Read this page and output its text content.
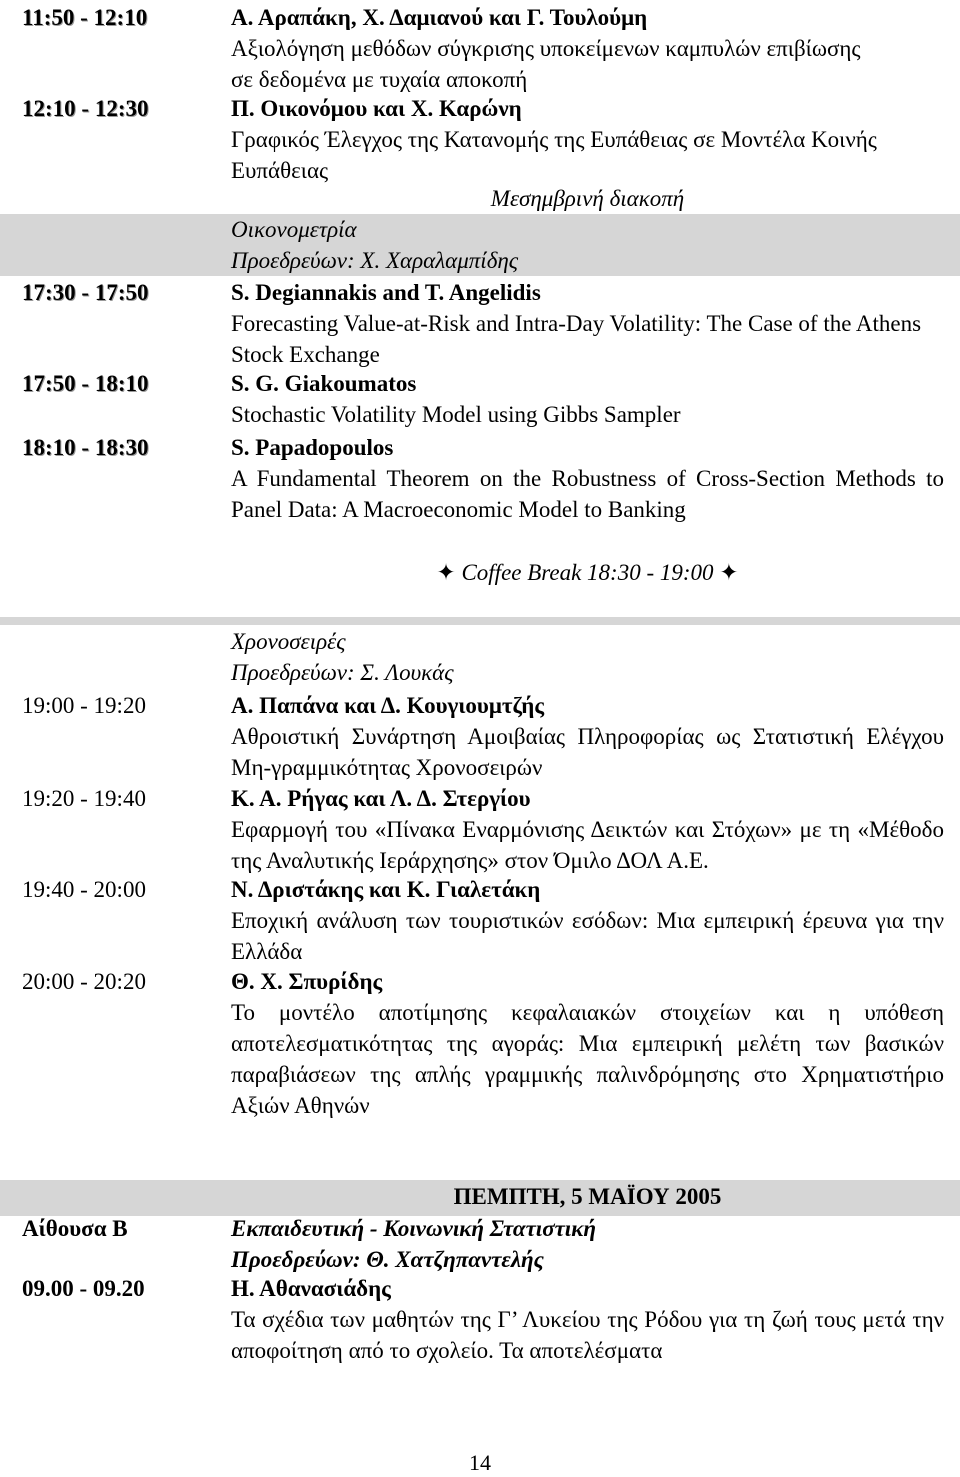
11:50 - 12:10	Α. Αραπάκη, Χ. Δαμιανού και Γ. Τουλούμη
Αξιολόγηση μεθόδων σύγκρισης υποκείμενων καμπυλών επιβίωσης σε δεδομένα με τυχαία αποκοπή
12:10 - 12:30	Π. Οικονόμου και Χ. Καρώνη
Γραφικός Έλεγχος της Κατανομής της Ευπάθειας σε Μοντέλα Κοινής Ευπάθειας
Μεσημβρινή διακοπή
Οικονομετρία
Προεδρεύων: Χ. Χαραλαμπίδης
17:30 - 17:50	S. Degiannakis and T. Angelidis
Forecasting Value-at-Risk and Intra-Day Volatility: The Case of the Athens Stock Exchange
17:50 - 18:10	S. G. Giakoumatos
Stochastic Volatility Model using Gibbs Sampler
18:10 - 18:30	S. Papadopoulos
A Fundamental Theorem on the Robustness of Cross-Section Methods to Panel Data: A Macroeconomic Model to Banking
✦ Coffee Break 18:30 - 19:00 ✦
Χρονοσειρές
Προεδρεύων: Σ. Λουκάς
19:00 - 19:20	Α. Παπάνα και Δ. Κουγιουμτζής
Αθροιστική Συνάρτηση Αμοιβαίας Πληροφορίας ως Στατιστική Ελέγχου Μη-γραμμικότητας Χρονοσειρών
19:20 - 19:40	Κ. Α. Ρήγας και Λ. Δ. Στεργίου
Εφαρμογή του «Πίνακα Εναρμόνισης Δεικτών και Στόχων» με τη «Μέθοδο της Αναλυτικής Ιεράρχησης» στον Όμιλο ΔΟΛ Α.Ε.
19:40 - 20:00	Ν. Δριστάκης και Κ. Γιαλετάκη
Εποχική ανάλυση των τουριστικών εσόδων: Μια εμπειρική έρευνα για την Ελλάδα
20:00 - 20:20	Θ. Χ. Σπυρίδης
Το μοντέλο αποτίμησης κεφαλαιακών στοιχείων και η υπόθεση αποτελεσματικότητας της αγοράς: Μια εμπειρική μελέτη των βασικών παραβιάσεων της απλής γραμμικής παλινδρόμησης στο Χρηματιστήριο Αξιών Αθηνών
ΠΕΜΠΤΗ, 5 ΜΑΪΟΥ 2005
Αίθουσα Β	Εκπαιδευτική - Κοινωνική Στατιστική
Προεδρεύων: Θ. Χατζηπαντελής
09.00 - 09.20	Η. Αθανασιάδης
Τα σχέδια των μαθητών της Γ’ Λυκείου της Ρόδου για τη ζωή τους μετά την αποφοίτηση από το σχολείο. Τα αποτελέσματα
14
